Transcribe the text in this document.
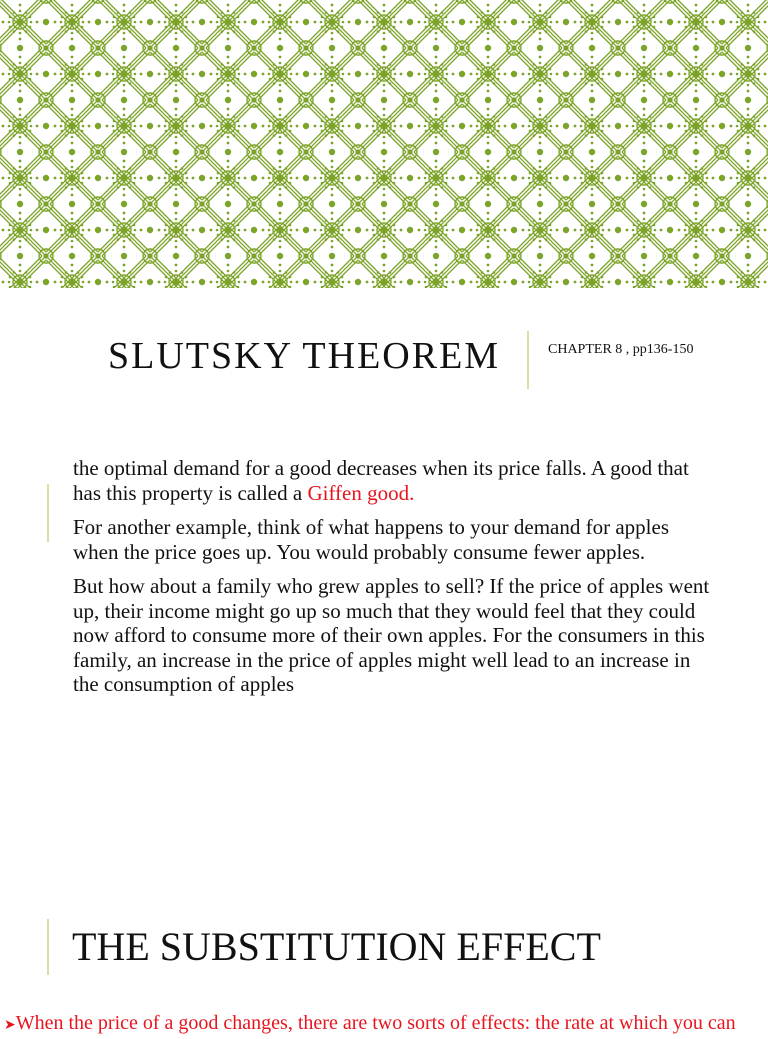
SLUTSKY THEOREM	CHAPTER 8 , pp136-150

the optimal demand for a good decreases when its price falls. A good that has this property is called a Giffen good.

For another example, think of what happens to your demand for apples when the price goes up. You would probably consume fewer apples.

But how about a family who grew apples to sell? If the price of apples went up, their income might go up so much that they would feel that they could now afford to consume more of their own apples. For the consumers in this family, an increase in the price of apples might well lead to an increase in the consumption of apples

THE SUBSTITUTION EFFECT
➤When the price of a good changes, there are two sorts of effects: the rate at which you can
